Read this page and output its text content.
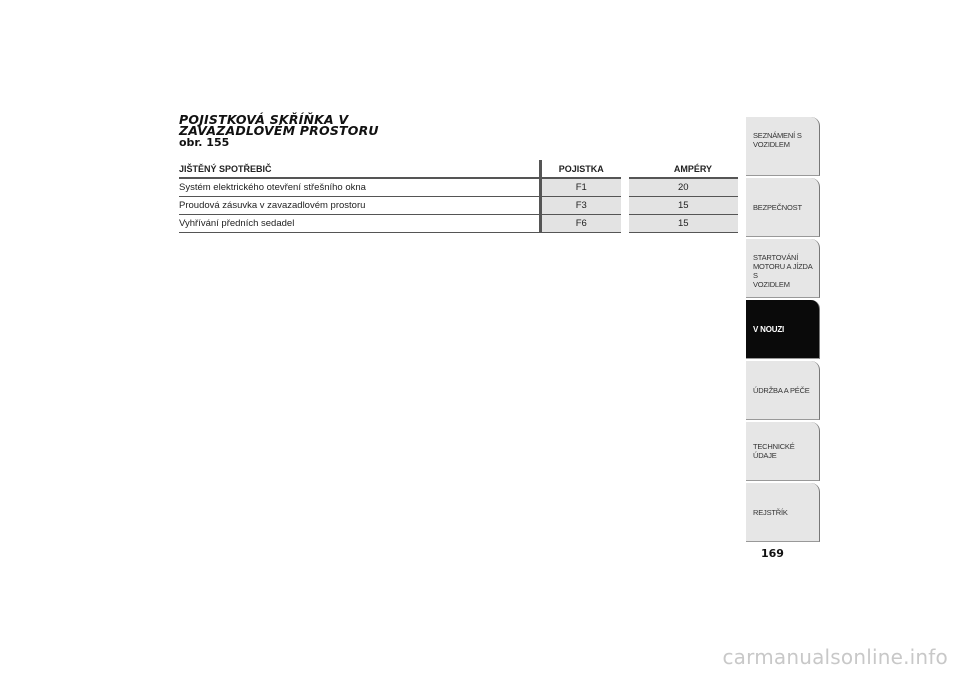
POJISTKOVÁ SKŘÍŇKA V
ZAVAZADLOVÉM PROSTORU
obr. 155
JIŠTĚNÝ SPOTŘEBIČ	POJISTKA	AMPÉRY
Systém elektrického otevření střešního okna	F1	20
Proudová zásuvka v zavazadlovém prostoru	F3	15
Vyhřívání předních sedadel	F6	15
SEZNÁMENÍ S
VOZIDLEM
BEZPEČNOST
STARTOVÁNÍ
MOTORU A JÍZDA S
VOZIDLEM
V NOUZI
ÚDRŽBA A PÉČE
TECHNICKÉ ÚDAJE
REJSTŘÍK
169
carmanualsonline.info
